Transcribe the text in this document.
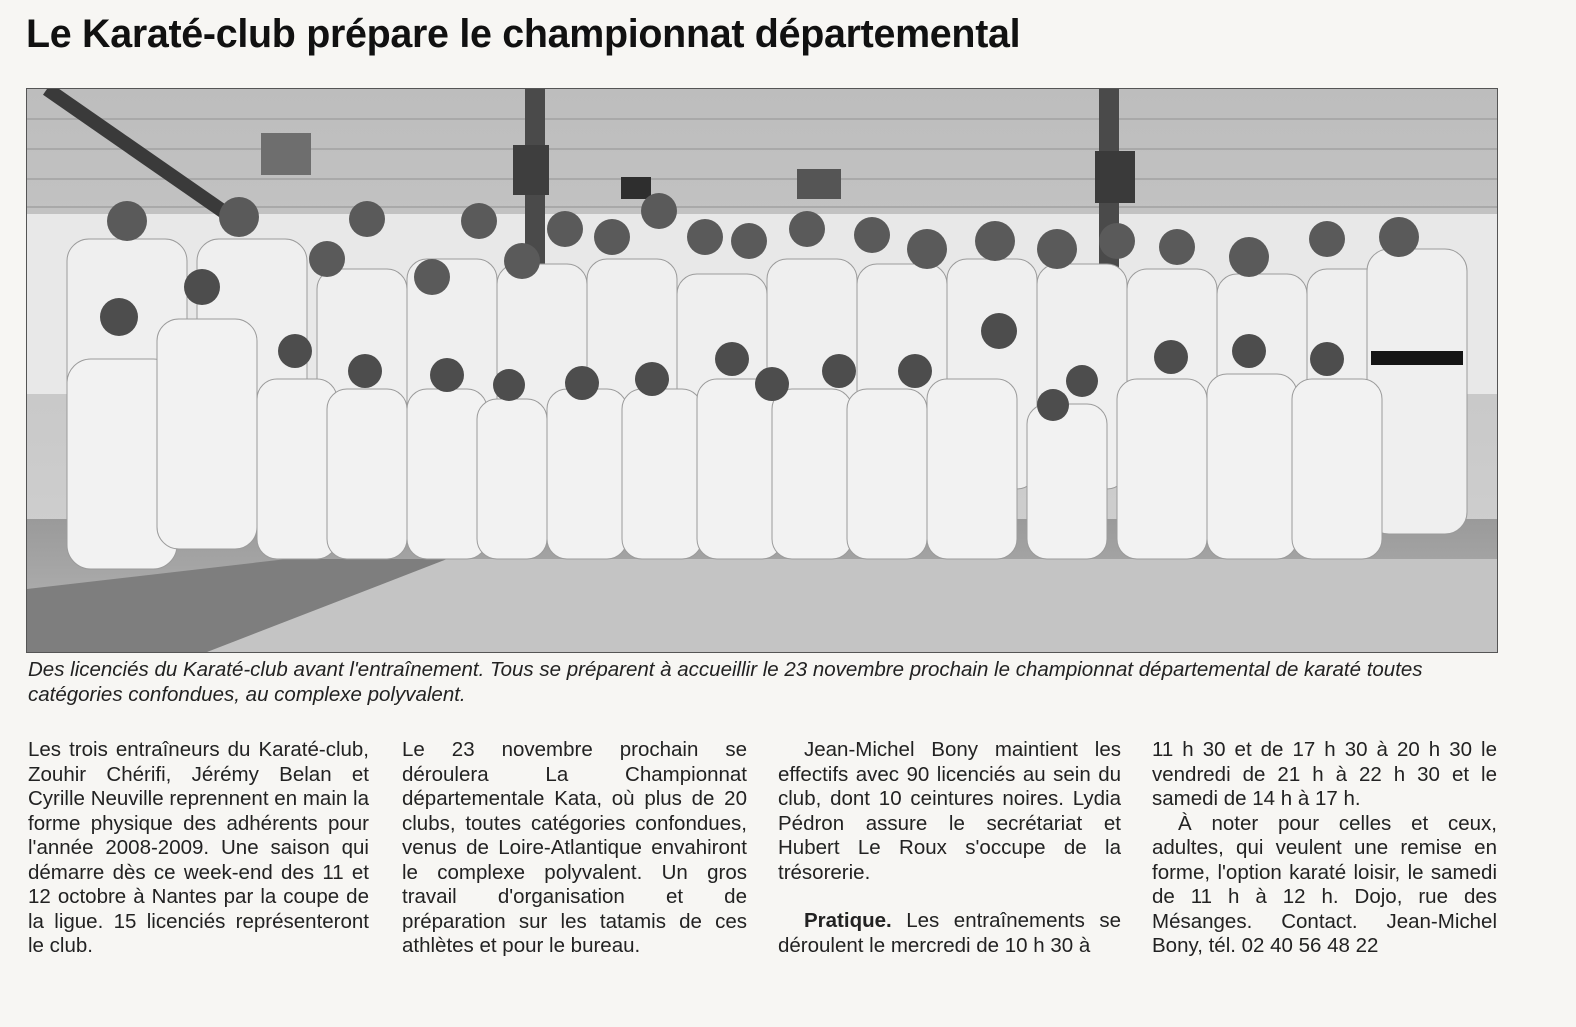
Le Karaté-club prépare le championnat départemental

Des licenciés du Karaté-club avant l'entraînement. Tous se préparent à accueillir le 23 novembre prochain le championnat départemental de karaté toutes catégories confondues, au complexe polyvalent.

Les trois entraîneurs du Karaté-club, Zouhir Chérifi, Jérémy Belan et Cyrille Neuville reprennent en main la forme physique des adhérents pour l'année 2008-2009. Une saison qui démarre dès ce week-end des 11 et 12 octobre à Nantes par la coupe de la ligue. 15 licenciés représenteront le club.

Le 23 novembre prochain se déroulera La Championnat départementale Kata, où plus de 20 clubs, toutes catégories confondues, venus de Loire-Atlantique envahiront le complexe polyvalent. Un gros travail d'organisation et de préparation sur les tatamis de ces athlètes et pour le bureau.

Jean-Michel Bony maintient les effectifs avec 90 licenciés au sein du club, dont 10 ceintures noires. Lydia Pédron assure le secrétariat et Hubert Le Roux s'occupe de la trésorerie.

Pratique. Les entraînements se déroulent le mercredi de 10 h 30 à

11 h 30 et de 17 h 30 à 20 h 30 le vendredi de 21 h à 22 h 30 et le samedi de 14 h à 17 h.

À noter pour celles et ceux, adultes, qui veulent une remise en forme, l'option karaté loisir, le samedi de 11 h à 12 h. Dojo, rue des Mésanges. Contact. Jean-Michel Bony, tél. 02 40 56 48 22
